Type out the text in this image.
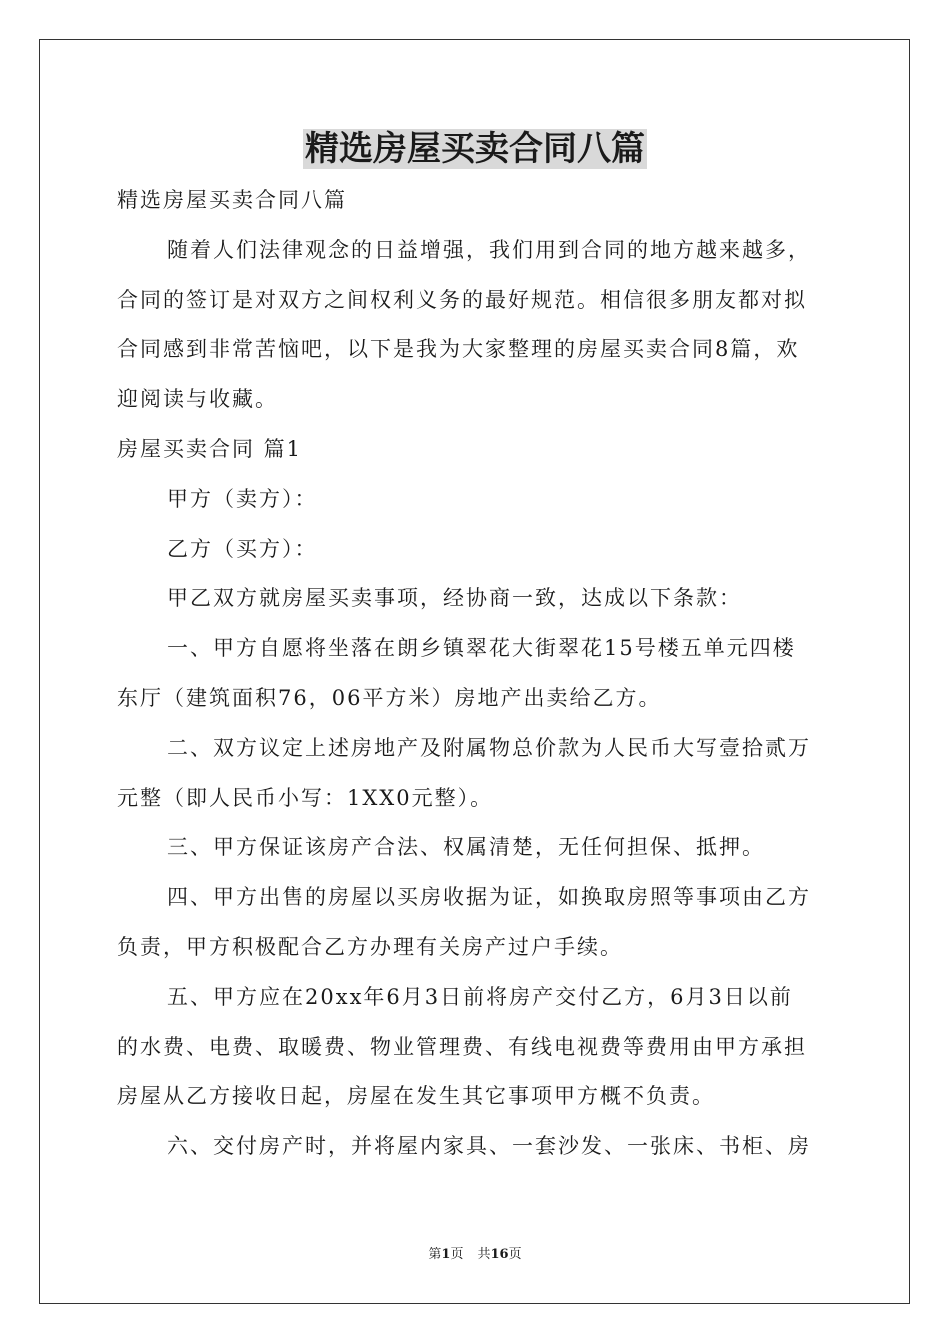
精选房屋买卖合同八篇
精选房屋买卖合同八篇
随着人们法律观念的日益增强，我们用到合同的地方越来越多，
合同的签订是对双方之间权利义务的最好规范。相信很多朋友都对拟
合同感到非常苦恼吧，以下是我为大家整理的房屋买卖合同8篇，欢
迎阅读与收藏。
房屋买卖合同 篇1
甲方（卖方）：
乙方（买方）：
甲乙双方就房屋买卖事项，经协商一致，达成以下条款：
一、甲方自愿将坐落在朗乡镇翠花大街翠花15号楼五单元四楼
东厅（建筑面积76，06平方米）房地产出卖给乙方。
二、双方议定上述房地产及附属物总价款为人民币大写壹拾贰万
元整（即人民币小写：1XX0元整）。
三、甲方保证该房产合法、权属清楚，无任何担保、抵押。
四、甲方出售的房屋以买房收据为证，如换取房照等事项由乙方
负责，甲方积极配合乙方办理有关房产过户手续。
五、甲方应在20xx年6月3日前将房产交付乙方，6月3日以前
的水费、电费、取暖费、物业管理费、有线电视费等费用由甲方承担
房屋从乙方接收日起，房屋在发生其它事项甲方概不负责。
六、交付房产时，并将屋内家具、一套沙发、一张床、书柜、房
第1页 共16页
